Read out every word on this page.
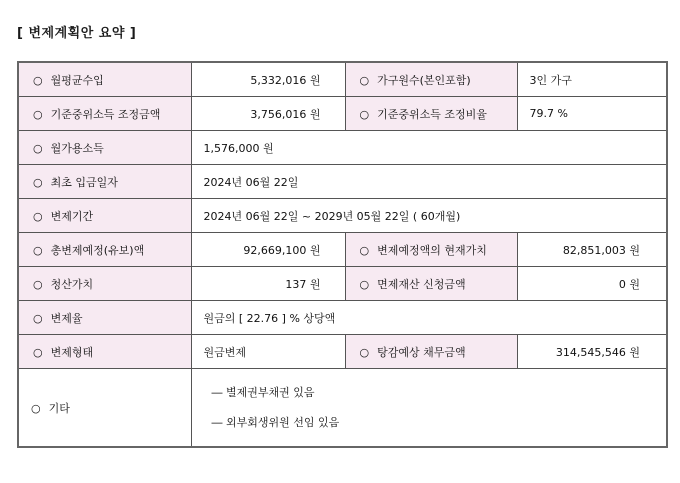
[ 변제계획안 요약 ]
○ 월평균수입	5,332,016 원	○ 가구원수(본인포함)	3인 가구
○ 기준중위소득 조정금액	3,756,016 원	○ 기준중위소득 조정비율	79.7 %
○ 월가용소득	1,576,000 원		
○ 최초 입금일자	2024년 06월 22일		
○ 변제기간	2024년 06월 22일 ~ 2029년 05월 22일 ( 60개월)		
○ 총변제예정(유보)액	92,669,100 원	○ 변제예정액의 현재가치	82,851,003 원
○ 청산가치	137 원	○ 면제재산 신청금액	0 원
○ 변제율	원금의 [ 22.76 ] % 상당액		
○ 변제형태	원금변제	○ 탕감예상 채무금액	314,545,546 원
○ 기타	― 별제권부채권 있음
― 외부회생위원 선임 있음		
